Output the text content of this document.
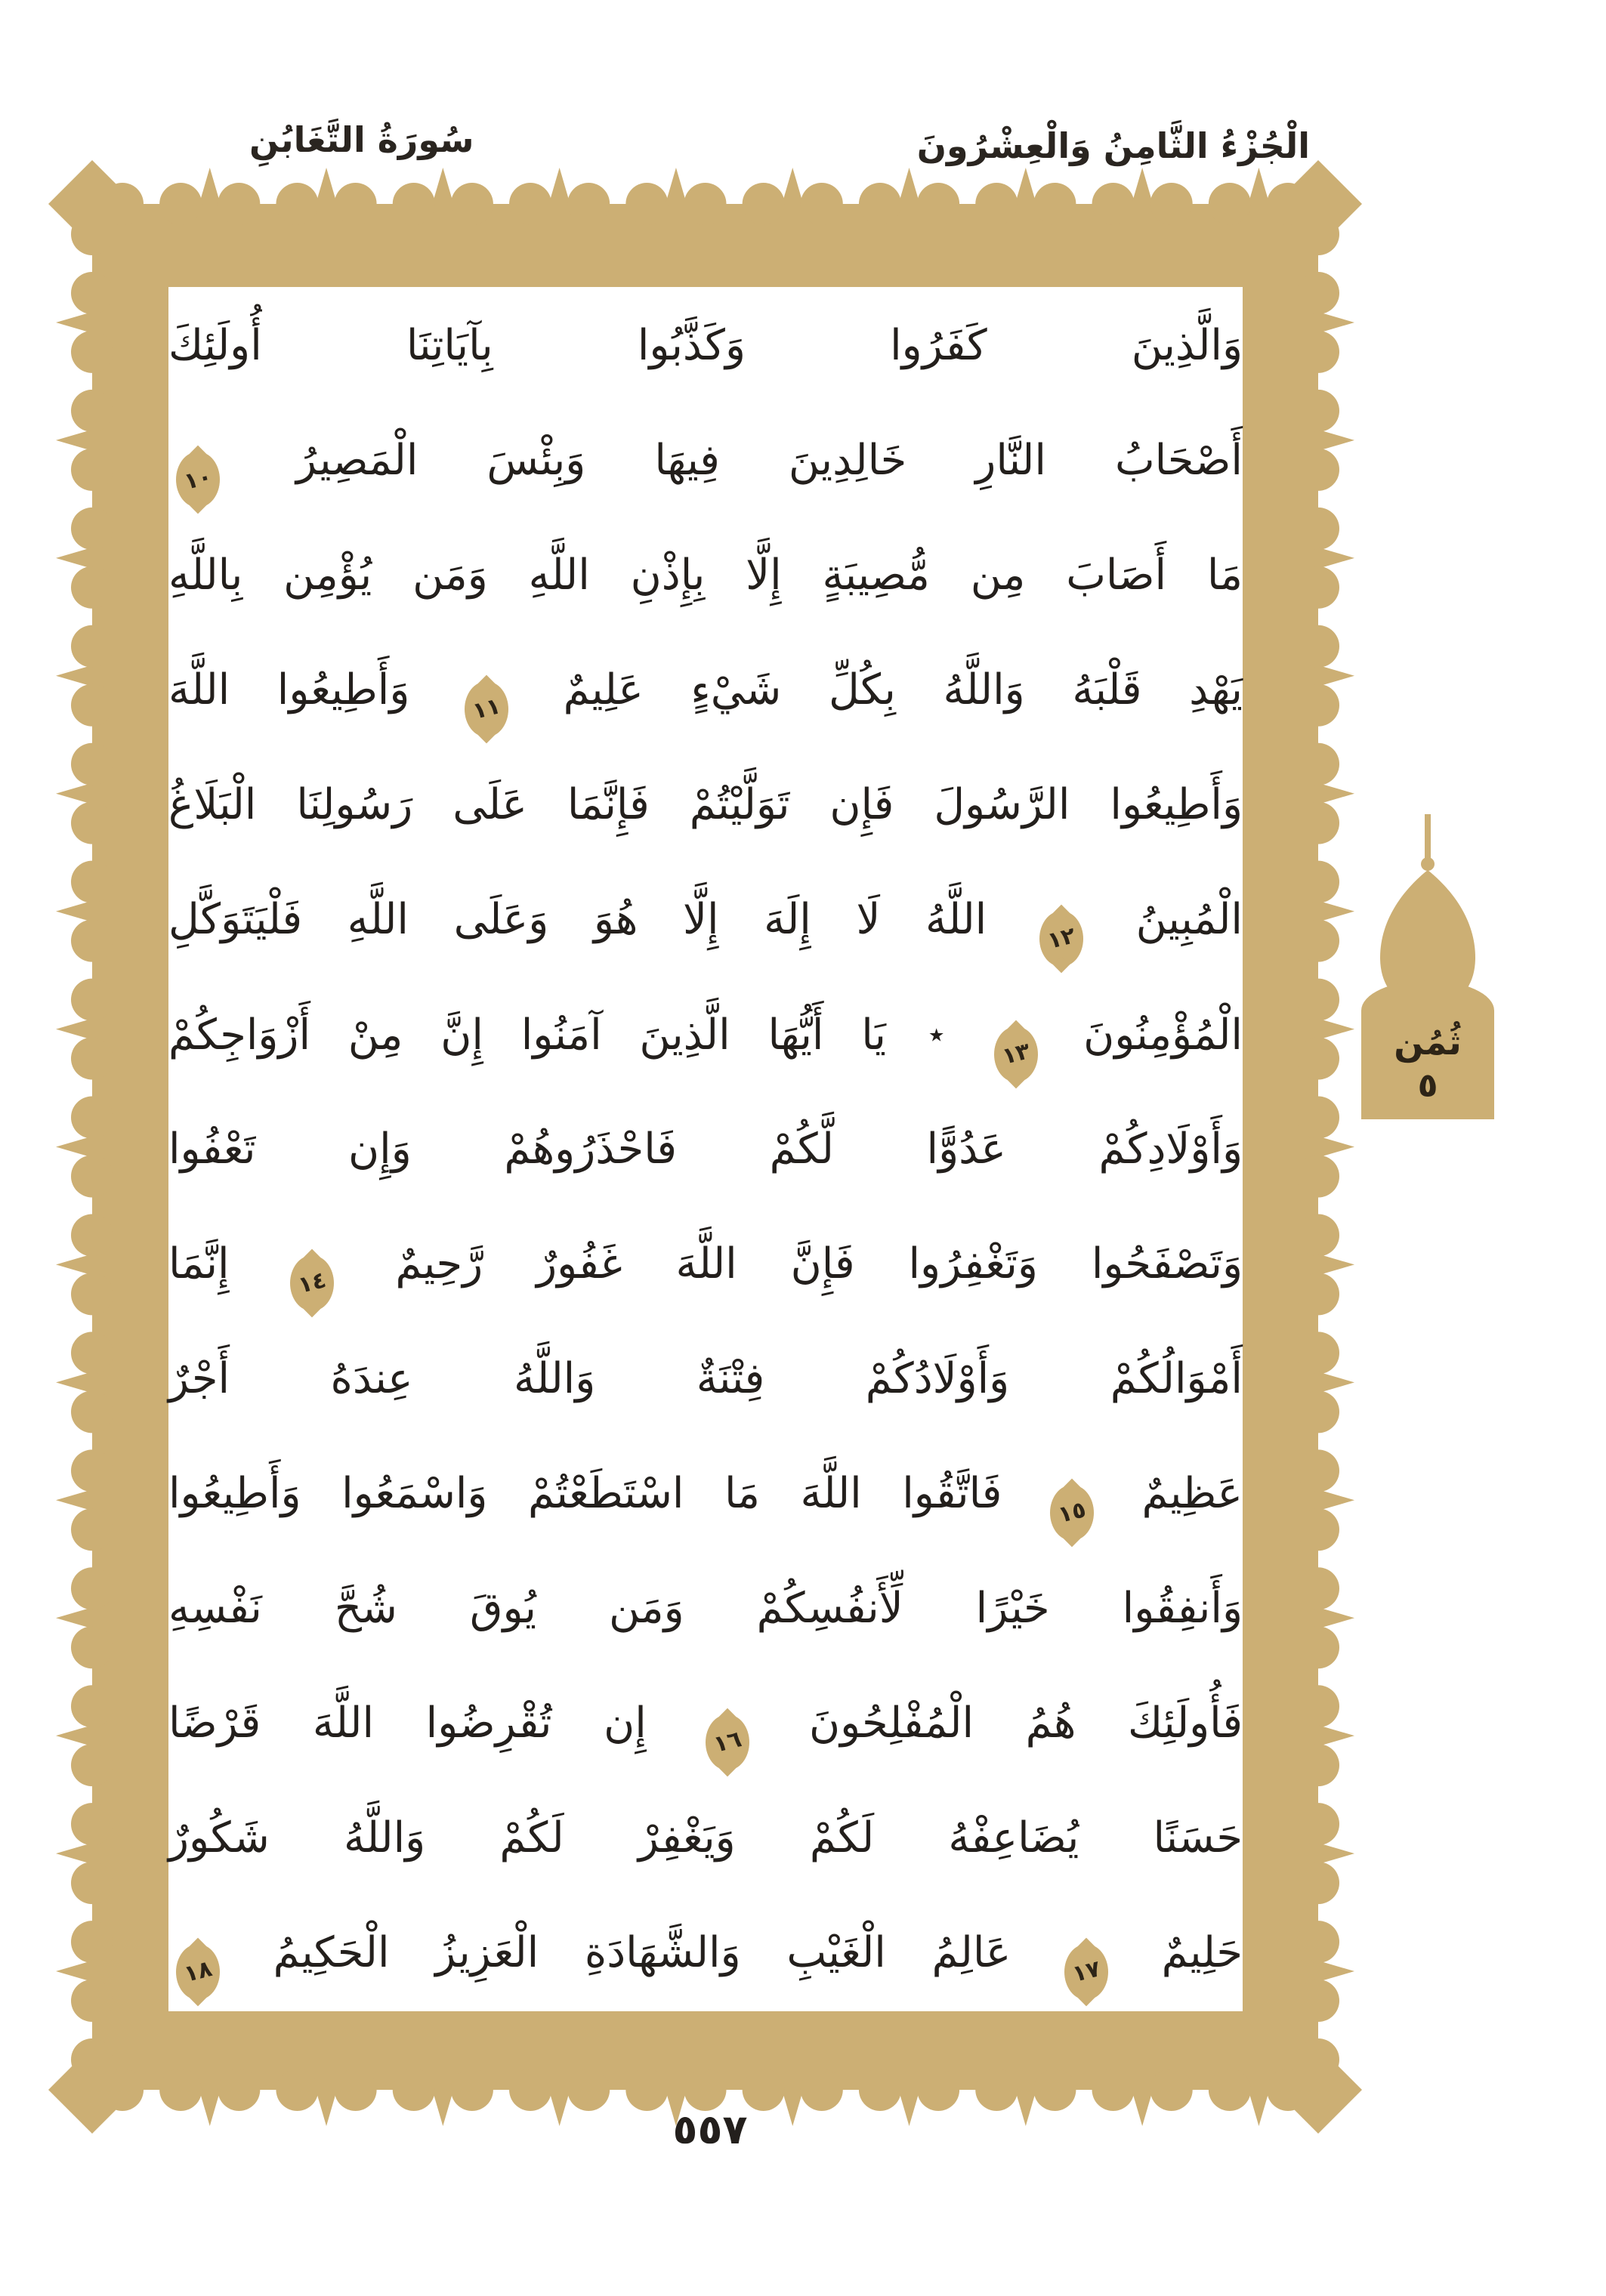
سُورَةُ التَّغَابُنِ	الْجُزْءُ الثَّامِنُ وَالْعِشْرُونَ
وَالَّذِينَ كَفَرُوا وَكَذَّبُوا بِآيَاتِنَا أُولَئِكَ
أَصْحَابُ النَّارِ خَالِدِينَ فِيهَا وَبِئْسَ الْمَصِيرُ ١٠
مَا أَصَابَ مِن مُّصِيبَةٍ إِلَّا بِإِذْنِ اللَّهِ وَمَن يُؤْمِن بِاللَّهِ
يَهْدِ قَلْبَهُ وَاللَّهُ بِكُلِّ شَيْءٍ عَلِيمٌ ١١ وَأَطِيعُوا اللَّهَ
وَأَطِيعُوا الرَّسُولَ فَإِن تَوَلَّيْتُمْ فَإِنَّمَا عَلَى رَسُولِنَا الْبَلَاغُ
الْمُبِينُ ١٢ اللَّهُ لَا إِلَهَ إِلَّا هُوَ وَعَلَى اللَّهِ فَلْيَتَوَكَّلِ
الْمُؤْمِنُونَ ١٣ ٭ يَا أَيُّهَا الَّذِينَ آمَنُوا إِنَّ مِنْ أَزْوَاجِكُمْ
وَأَوْلَادِكُمْ عَدُوًّا لَّكُمْ فَاحْذَرُوهُمْ وَإِن تَعْفُوا
وَتَصْفَحُوا وَتَغْفِرُوا فَإِنَّ اللَّهَ غَفُورٌ رَّحِيمٌ ١٤ إِنَّمَا
أَمْوَالُكُمْ وَأَوْلَادُكُمْ فِتْنَةٌ وَاللَّهُ عِندَهُ أَجْرٌ
عَظِيمٌ ١٥ فَاتَّقُوا اللَّهَ مَا اسْتَطَعْتُمْ وَاسْمَعُوا وَأَطِيعُوا
وَأَنفِقُوا خَيْرًا لِّأَنفُسِكُمْ وَمَن يُوقَ شُحَّ نَفْسِهِ
فَأُولَئِكَ هُمُ الْمُفْلِحُونَ ١٦ إِن تُقْرِضُوا اللَّهَ قَرْضًا
حَسَنًا يُضَاعِفْهُ لَكُمْ وَيَغْفِرْ لَكُمْ وَاللَّهُ شَكُورٌ
حَلِيمٌ ١٧ عَالِمُ الْغَيْبِ وَالشَّهَادَةِ الْعَزِيزُ الْحَكِيمُ ١٨
ثُمُن
٥
٥٥٧
